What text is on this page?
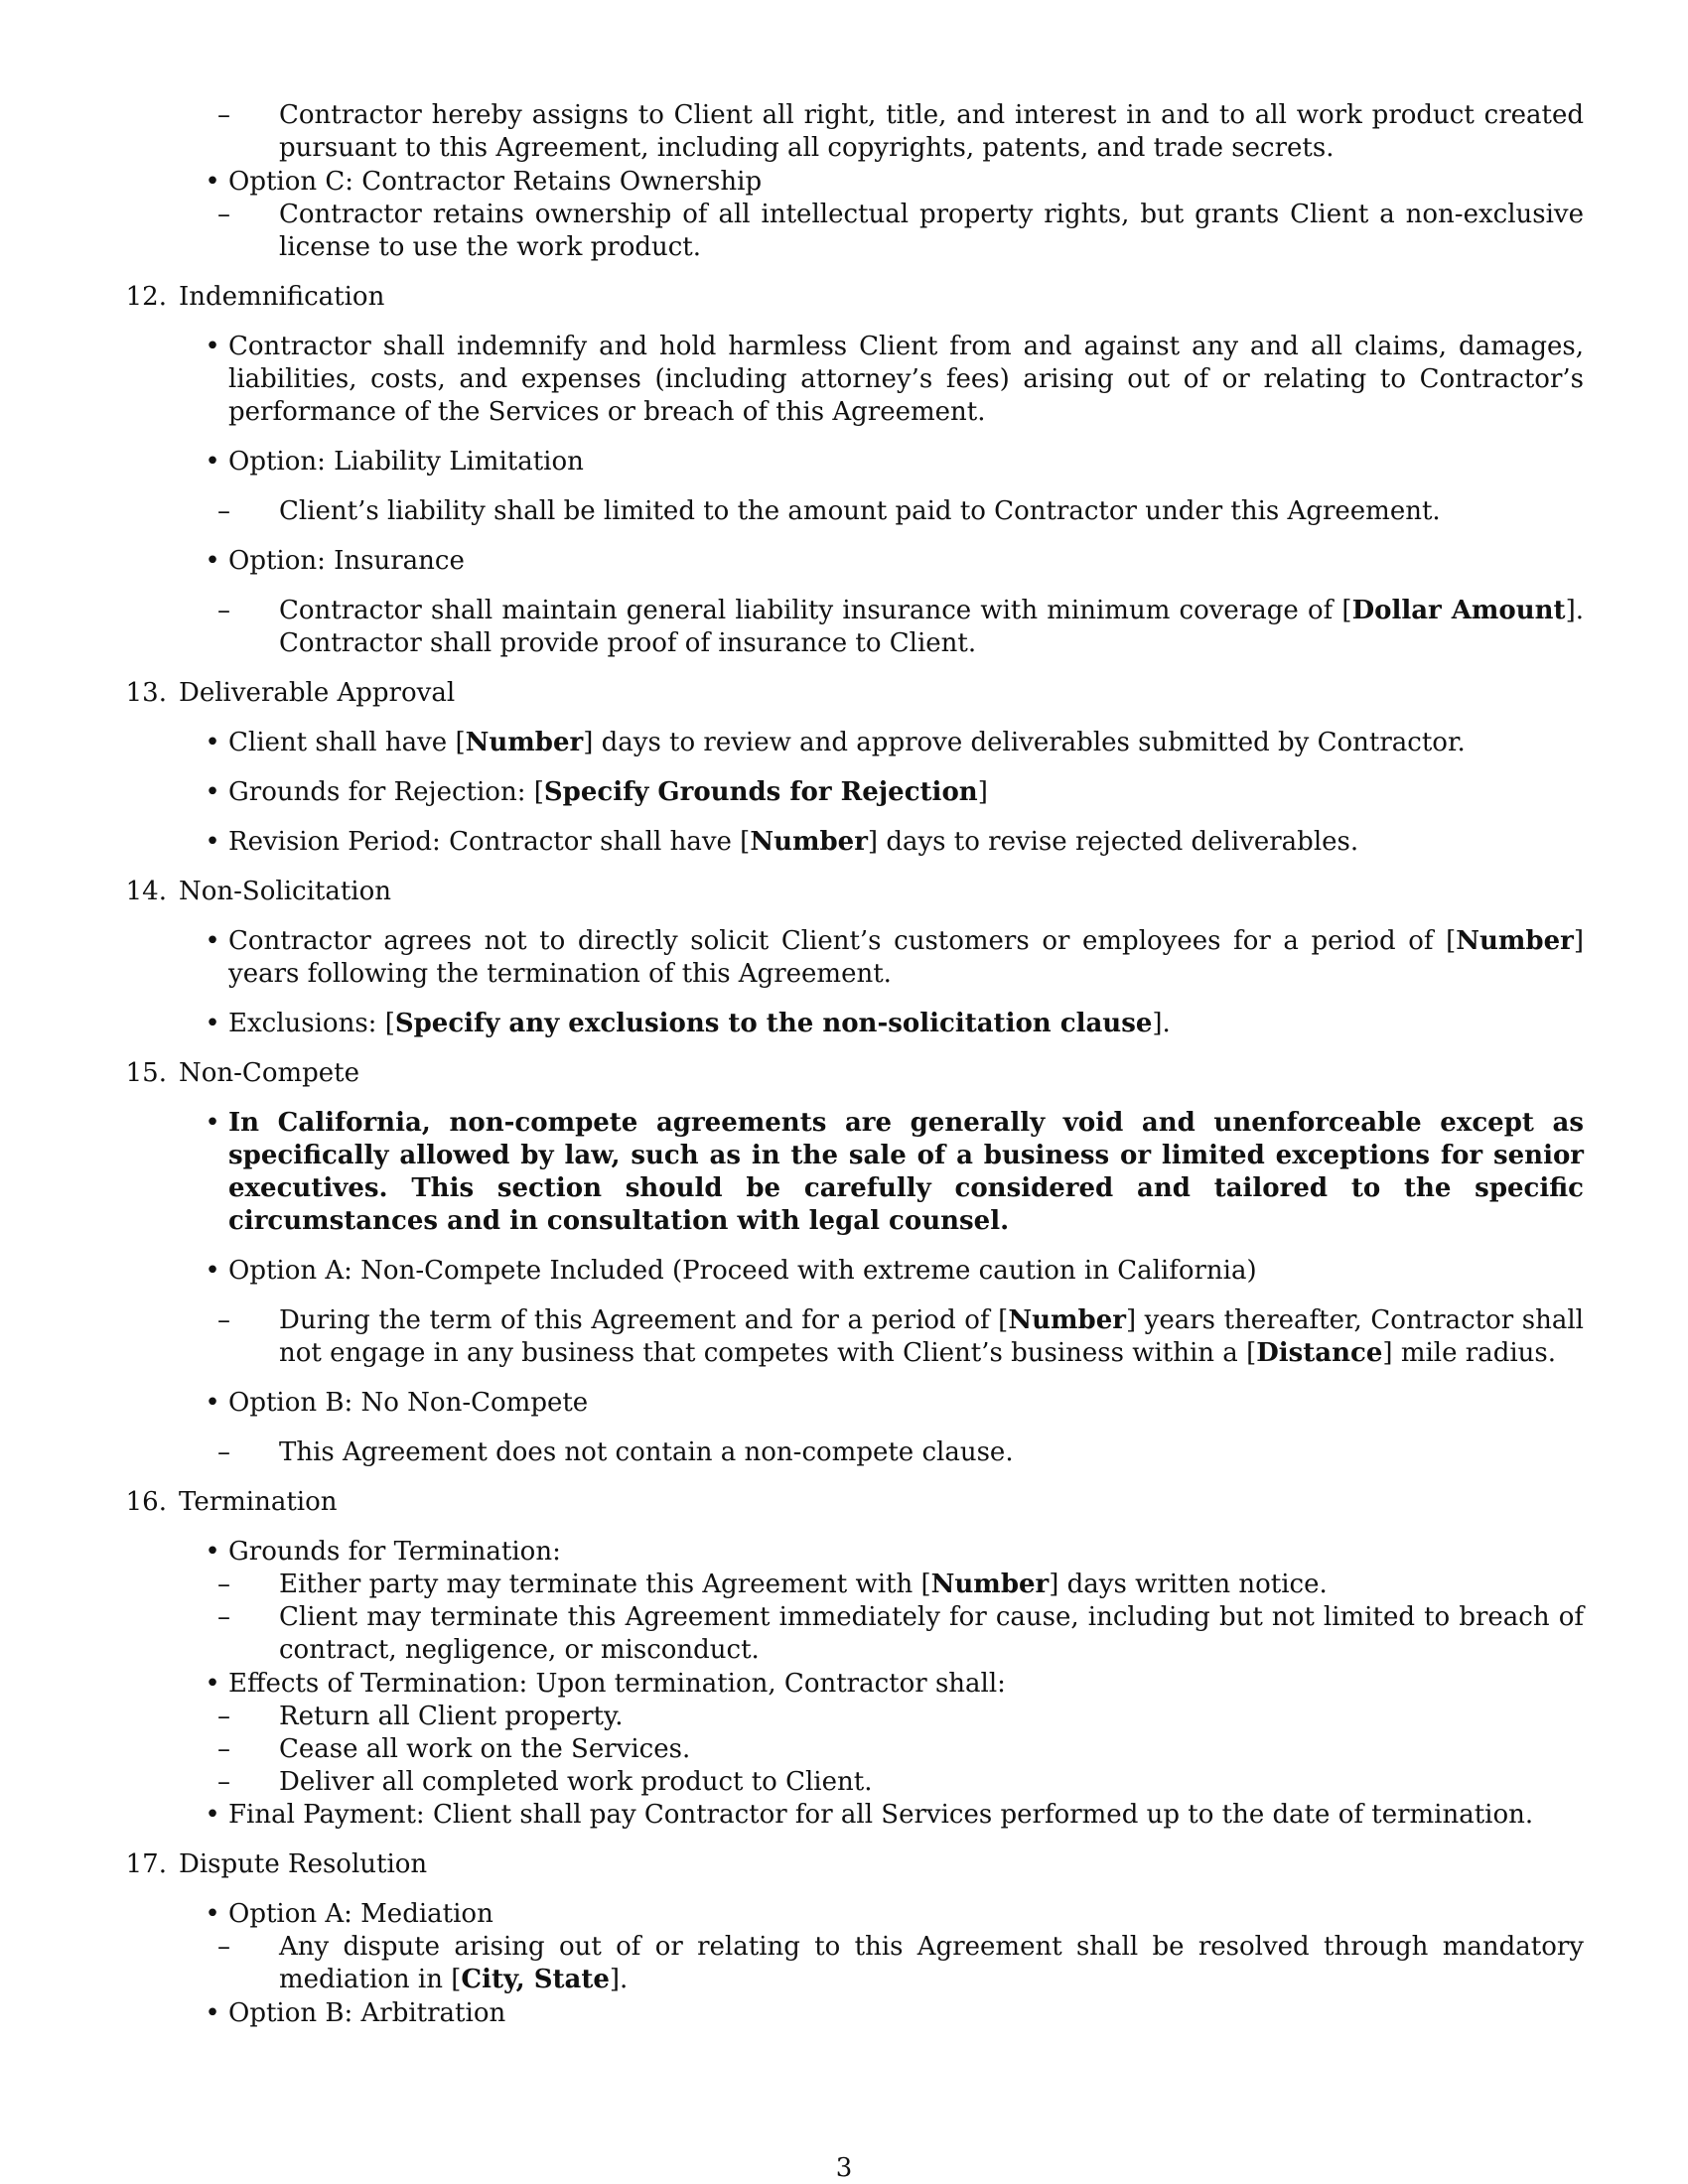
–	Contractor hereby assigns to Client all right, title, and interest in and to all work product created pursuant to this Agreement, including all copyrights, patents, and trade secrets.
• Option C: Contractor Retains Ownership
–	Contractor retains ownership of all intellectual property rights, but grants Client a non-exclusive license to use the work product.
12. Indemnification
• Contractor shall indemnify and hold harmless Client from and against any and all claims, damages, liabilities, costs, and expenses (including attorney’s fees) arising out of or relating to Contractor’s performance of the Services or breach of this Agreement.
• Option: Liability Limitation
–	Client’s liability shall be limited to the amount paid to Contractor under this Agreement.
• Option: Insurance
–	Contractor shall maintain general liability insurance with minimum coverage of [Dollar Amount]. Contractor shall provide proof of insurance to Client.
13. Deliverable Approval
• Client shall have [Number] days to review and approve deliverables submitted by Contractor.
• Grounds for Rejection: [Specify Grounds for Rejection]
• Revision Period: Contractor shall have [Number] days to revise rejected deliverables.
14. Non-Solicitation
• Contractor agrees not to directly solicit Client’s customers or employees for a period of [Number] years following the termination of this Agreement.
• Exclusions: [Specify any exclusions to the non-solicitation clause].
15. Non-Compete
• In California, non-compete agreements are generally void and unenforceable except as specifically allowed by law, such as in the sale of a business or limited exceptions for senior executives. This section should be carefully considered and tailored to the specific circumstances and in consultation with legal counsel.
• Option A: Non-Compete Included (Proceed with extreme caution in California)
–	During the term of this Agreement and for a period of [Number] years thereafter, Contractor shall not engage in any business that competes with Client’s business within a [Distance] mile radius.
• Option B: No Non-Compete
–	This Agreement does not contain a non-compete clause.
16. Termination
• Grounds for Termination:
–	Either party may terminate this Agreement with [Number] days written notice.
–	Client may terminate this Agreement immediately for cause, including but not limited to breach of contract, negligence, or misconduct.
• Effects of Termination: Upon termination, Contractor shall:
–	Return all Client property.
–	Cease all work on the Services.
–	Deliver all completed work product to Client.
• Final Payment: Client shall pay Contractor for all Services performed up to the date of termination.
17. Dispute Resolution
• Option A: Mediation
–	Any dispute arising out of or relating to this Agreement shall be resolved through mandatory mediation in [City, State].
• Option B: Arbitration
3
